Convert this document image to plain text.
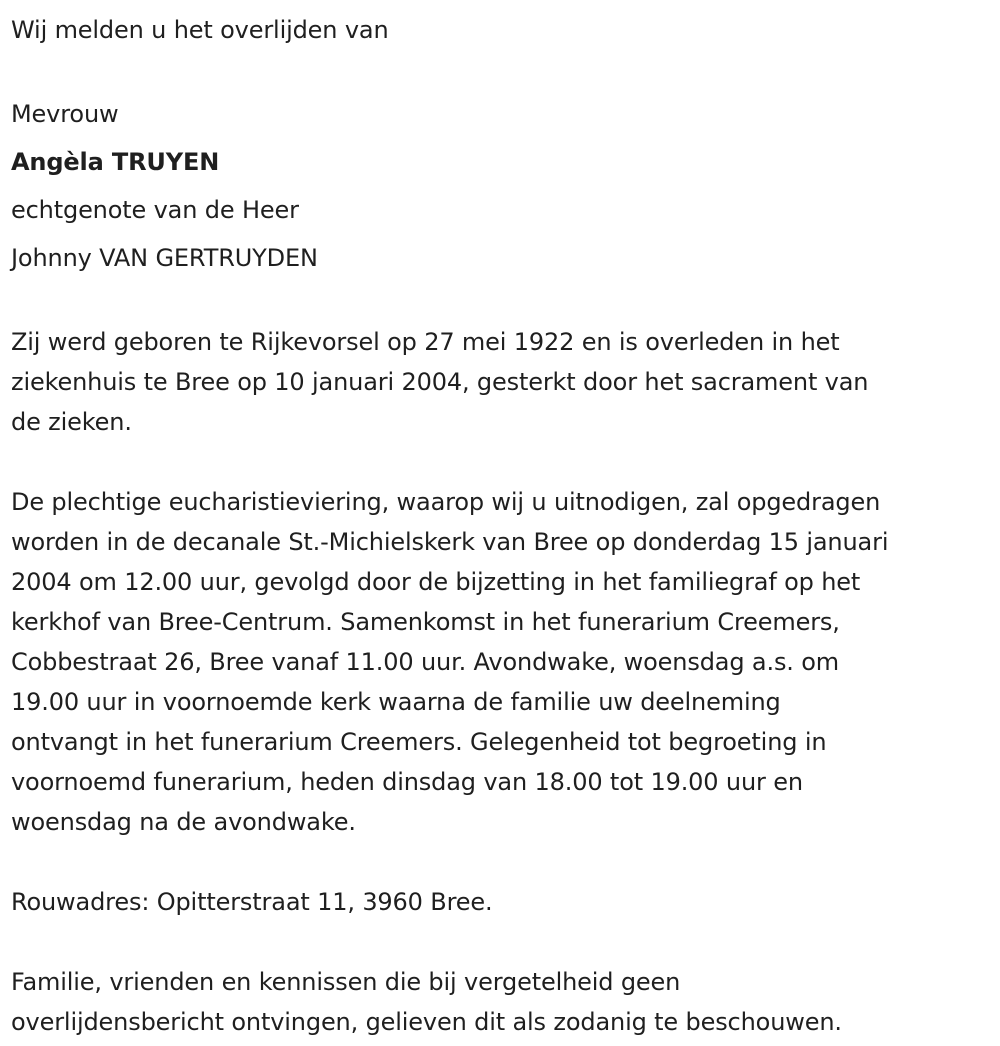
Wij melden u het overlijden van
Mevrouw
Angèla TRUYEN
echtgenote van de Heer
Johnny VAN GERTRUYDEN
Zij werd geboren te Rijkevorsel op 27 mei 1922 en is overleden in het
ziekenhuis te Bree op 10 januari 2004, gesterkt door het sacrament van
de zieken.
De plechtige eucharistieviering, waarop wij u uitnodigen, zal opgedragen
worden in de decanale St.-Michielskerk van Bree op donderdag 15 januari
2004 om 12.00 uur, gevolgd door de bijzetting in het familiegraf op het
kerkhof van Bree-Centrum. Samenkomst in het funerarium Creemers,
Cobbestraat 26, Bree vanaf 11.00 uur. Avondwake, woensdag a.s. om
19.00 uur in voornoemde kerk waarna de familie uw deelneming
ontvangt in het funerarium Creemers. Gelegenheid tot begroeting in
voornoemd funerarium, heden dinsdag van 18.00 tot 19.00 uur en
woensdag na de avondwake.
Rouwadres: Opitterstraat 11, 3960 Bree.
Familie, vrienden en kennissen die bij vergetelheid geen
overlijdensbericht ontvingen, gelieven dit als zodanig te beschouwen.
